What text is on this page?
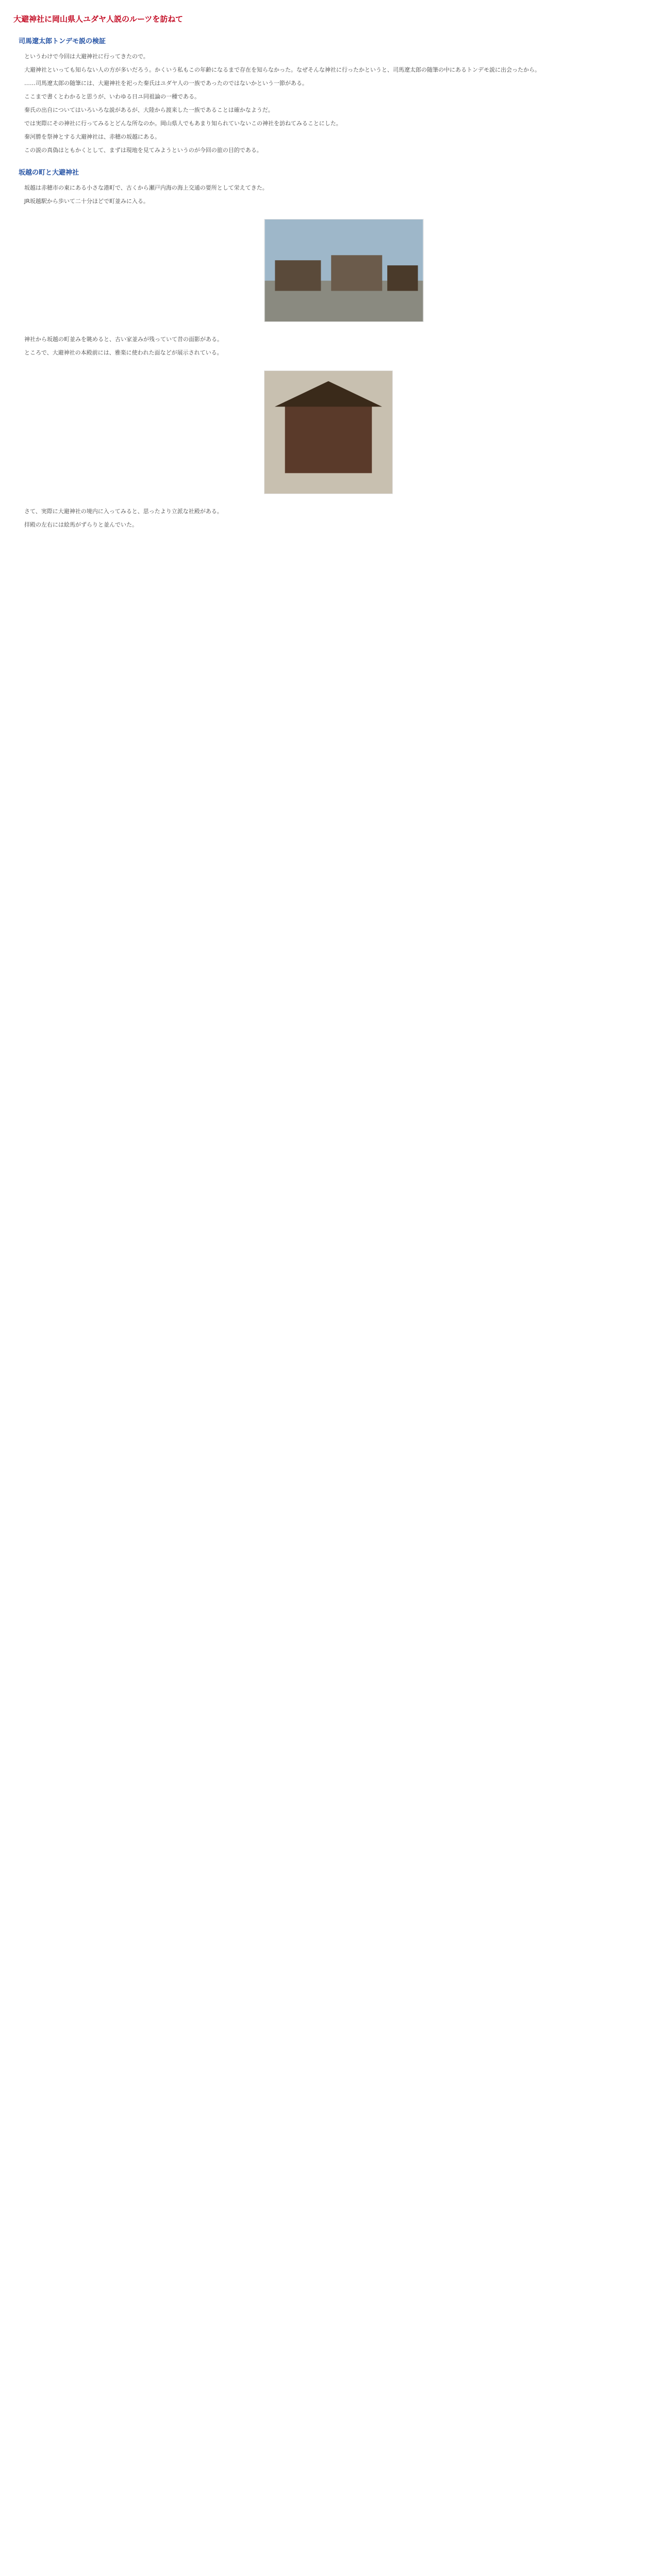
大避神社に岡山県人ユダヤ人説のルーツを訪ねて
司馬遼太郎トンデモ説の検証

というわけで今回は大避神社に行ってきたので。

大避神社といっても知らない人の方が多いだろう。かくいう私もこの年齢になるまで存在を知らなかった。なぜそんな神社に行ったかというと、司馬遼太郎の随筆の中にあるトンデモ説に出会ったから。

……司馬遼太郎の随筆には、大避神社を祀った秦氏はユダヤ人の一族であったのではないかという一節がある。

ここまで書くとわかると思うが、いわゆる日ユ同祖論の一種である。

秦氏の出自についてはいろいろな説があるが、大陸から渡来した一族であることは確かなようだ。

では実際にその神社に行ってみるとどんな所なのか。岡山県人でもあまり知られていないこの神社を訪ねてみることにした。

秦河勝を祭神とする大避神社は、赤穂の坂越にある。

この説の真偽はともかくとして、まずは現地を見てみようというのが今回の旅の目的である。

坂越の町と大避神社

坂越は赤穂市の東にある小さな港町で、古くから瀬戸内海の海上交通の要所として栄えてきた。

JR坂越駅から歩いて二十分ほどで町並みに入る。

神社から坂越の町並みを眺めると、古い家並みが残っていて昔の面影がある。

ところで、大避神社の本殿前には、雅楽に使われた面などが展示されている。

さて、実際に大避神社の境内に入ってみると、思ったより立派な社殿がある。

拝殿の左右には絵馬がずらりと並んでいた。
